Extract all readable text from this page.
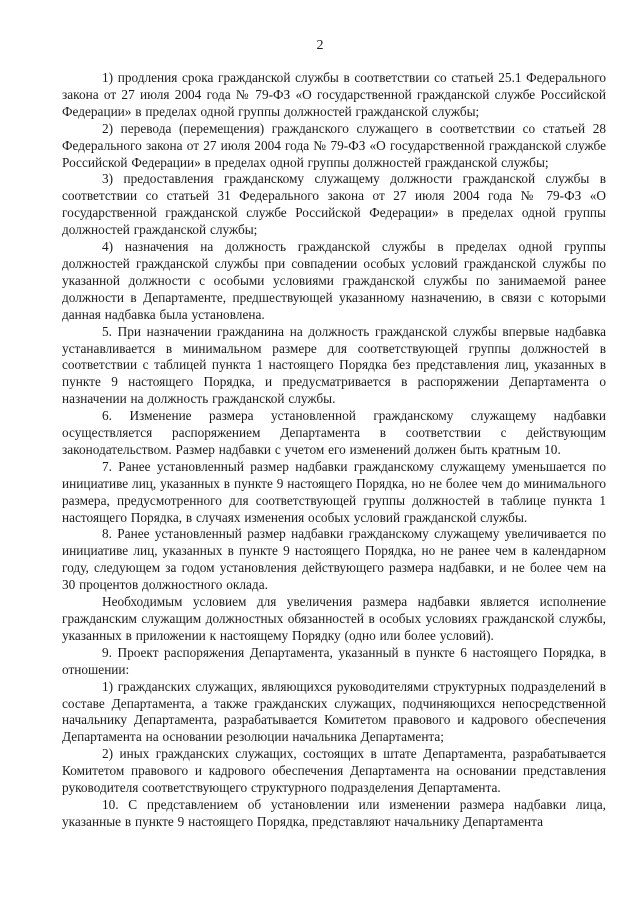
2

1) продления срока гражданской службы в соответствии со статьей 25.1 Федерального закона от 27 июля 2004 года № 79-ФЗ «О государственной гражданской службе Российской Федерации» в пределах одной группы должностей гражданской службы;

2) перевода (перемещения) гражданского служащего в соответствии со статьей 28 Федерального закона от 27 июля 2004 года № 79-ФЗ «О государственной гражданской службе Российской Федерации» в пределах одной группы должностей гражданской службы;

3) предоставления гражданскому служащему должности гражданской службы в соответствии со статьей 31 Федерального закона от 27 июля 2004 года № 79-ФЗ «О государственной гражданской службе Российской Федерации» в пределах одной группы должностей гражданской службы;

4) назначения на должность гражданской службы в пределах одной группы должностей гражданской службы при совпадении особых условий гражданской службы по указанной должности с особыми условиями гражданской службы по занимаемой ранее должности в Департаменте, предшествующей указанному назначению, в связи с которыми данная надбавка была установлена.

5. При назначении гражданина на должность гражданской службы впервые надбавка устанавливается в минимальном размере для соответствующей группы должностей в соответствии с таблицей пункта 1 настоящего Порядка без представления лиц, указанных в пункте 9 настоящего Порядка, и предусматривается в распоряжении Департамента о назначении на должность гражданской службы.

6. Изменение размера установленной гражданскому служащему надбавки осуществляется распоряжением Департамента в соответствии с действующим законодательством. Размер надбавки с учетом его изменений должен быть кратным 10.

7. Ранее установленный размер надбавки гражданскому служащему уменьшается по инициативе лиц, указанных в пункте 9 настоящего Порядка, но не более чем до минимального размера, предусмотренного для соответствующей группы должностей в таблице пункта 1 настоящего Порядка, в случаях изменения особых условий гражданской службы.

8. Ранее установленный размер надбавки гражданскому служащему увеличивается по инициативе лиц, указанных в пункте 9 настоящего Порядка, но не ранее чем в календарном году, следующем за годом установления действующего размера надбавки, и не более чем на 30 процентов должностного оклада.

Необходимым условием для увеличения размера надбавки является исполнение гражданским служащим должностных обязанностей в особых условиях гражданской службы, указанных в приложении к настоящему Порядку (одно или более условий).

9. Проект распоряжения Департамента, указанный в пункте 6 настоящего Порядка, в отношении:

1) гражданских служащих, являющихся руководителями структурных подразделений в составе Департамента, а также гражданских служащих, подчиняющихся непосредственной начальнику Департамента, разрабатывается Комитетом правового и кадрового обеспечения Департамента на основании резолюции начальника Департамента;

2) иных гражданских служащих, состоящих в штате Департамента, разрабатывается Комитетом правового и кадрового обеспечения Департамента на основании представления руководителя соответствующего структурного подразделения Департамента.

10. С представлением об установлении или изменении размера надбавки лица, указанные в пункте 9 настоящего Порядка, представляют начальнику Департамента
